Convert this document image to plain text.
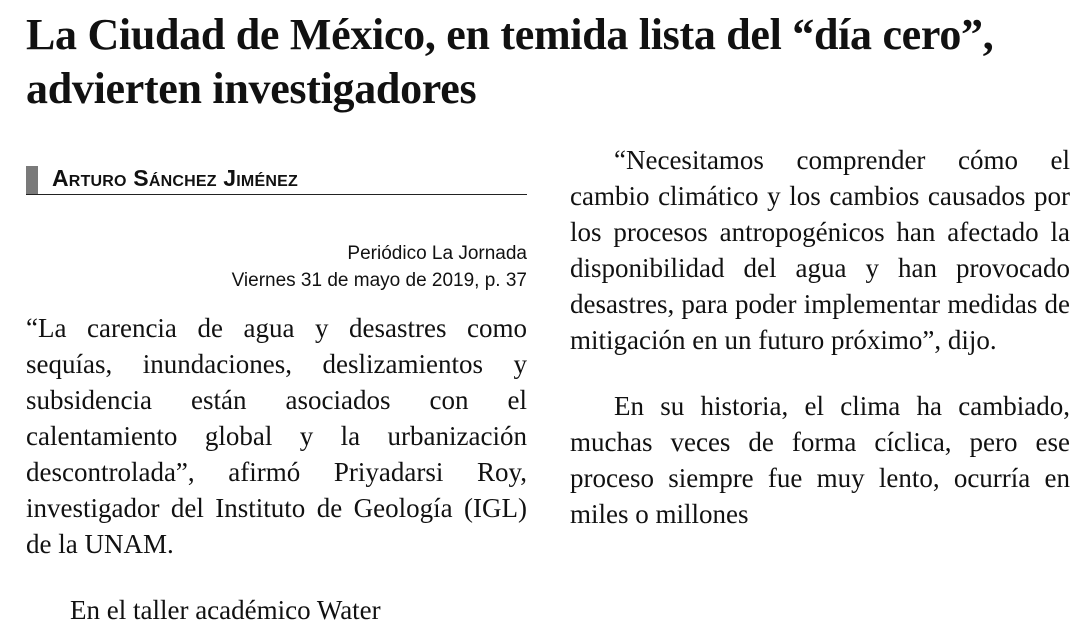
La Ciudad de México, en temida lista del “día cero”, advierten investigadores
Arturo Sánchez Jiménez
Periódico La Jornada
Viernes 31 de mayo de 2019, p. 37

“La carencia de agua y desastres como sequías, inundaciones, deslizamientos y subsidencia están asociados con el calentamiento global y la urbanización descontrolada”, afirmó Priyadarsi Roy, investigador del Instituto de Geología (IGL) de la UNAM.

En el taller académico Water

“Necesitamos comprender cómo el cambio climático y los cambios causados por los procesos antropogénicos han afectado la disponibilidad del agua y han provocado desastres, para poder implementar medidas de mitigación en un futuro próximo”, dijo.

En su historia, el clima ha cambiado, muchas veces de forma cíclica, pero ese proceso siempre fue muy lento, ocurría en miles o millones
